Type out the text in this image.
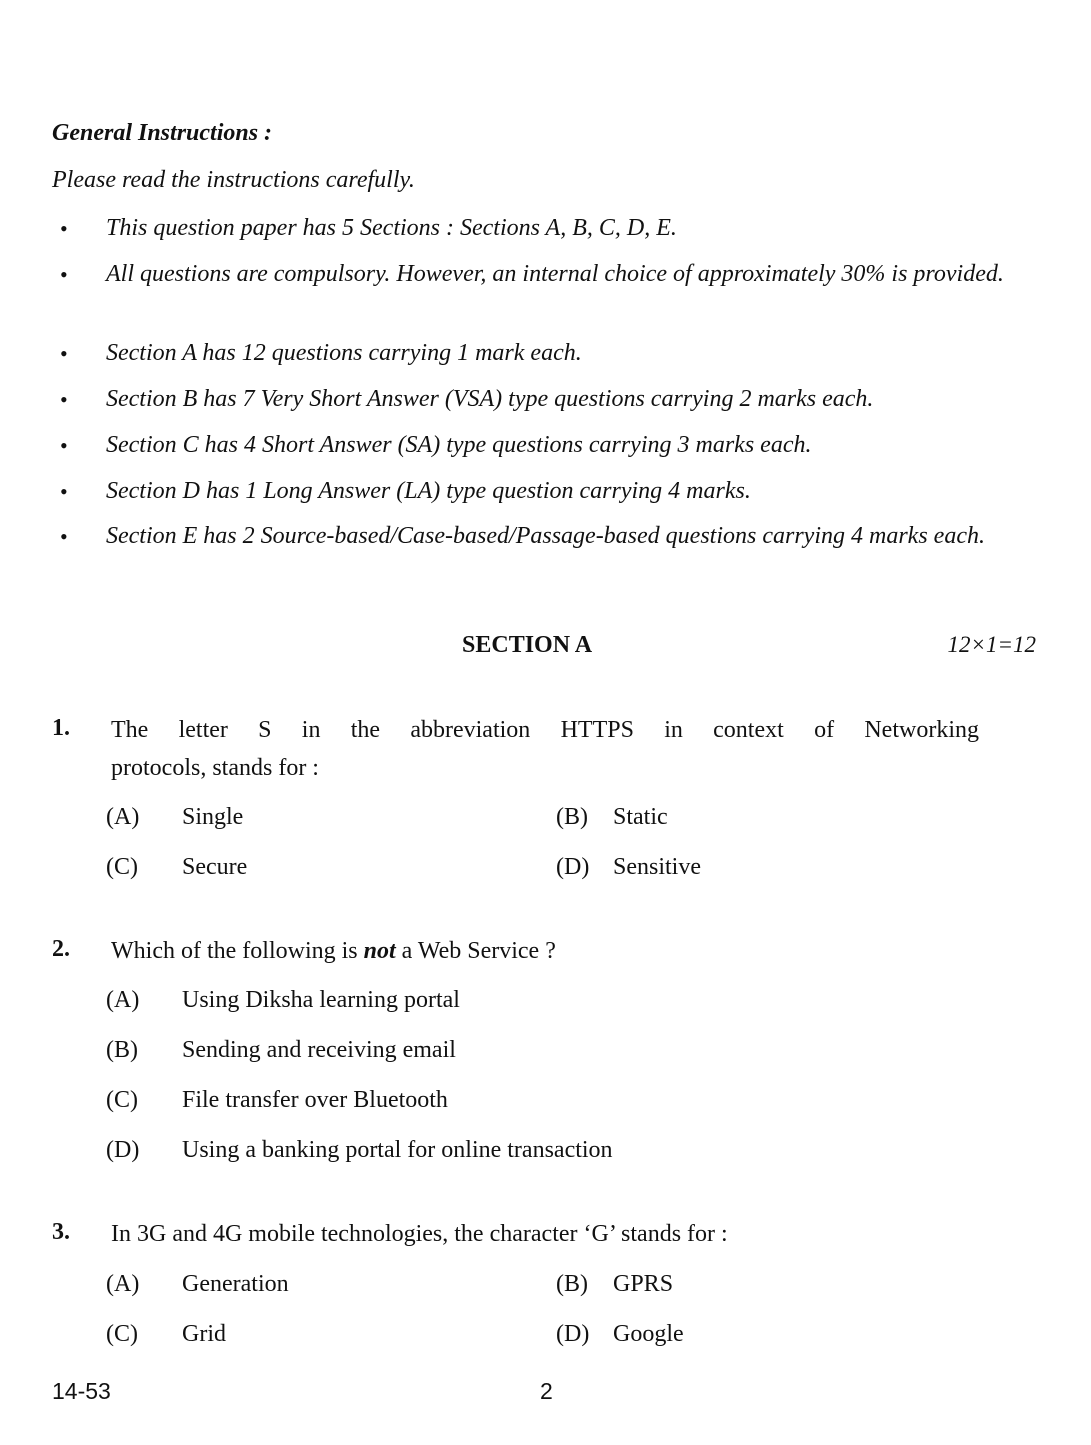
General Instructions :
Please read the instructions carefully.
• This question paper has 5 Sections : Sections A, B, C, D, E.
• All questions are compulsory. However, an internal choice of approximately 30% is provided.
• Section A has 12 questions carrying 1 mark each.
• Section B has 7 Very Short Answer (VSA) type questions carrying 2 marks each.
• Section C has 4 Short Answer (SA) type questions carrying 3 marks each.
• Section D has 1 Long Answer (LA) type question carrying 4 marks.
• Section E has 2 Source-based/Case-based/Passage-based questions carrying 4 marks each.
SECTION A	12×1=12
1. The letter S in the abbreviation HTTPS in context of Networking
protocols, stands for :
(A) Single	(B) Static
(C) Secure	(D) Sensitive
2. Which of the following is not a Web Service ?
(A) Using Diksha learning portal
(B) Sending and receiving email
(C) File transfer over Bluetooth
(D) Using a banking portal for online transaction
3. In 3G and 4G mobile technologies, the character ‘G’ stands for :
(A) Generation	(B) GPRS
(C) Grid	(D) Google
14-53	2
